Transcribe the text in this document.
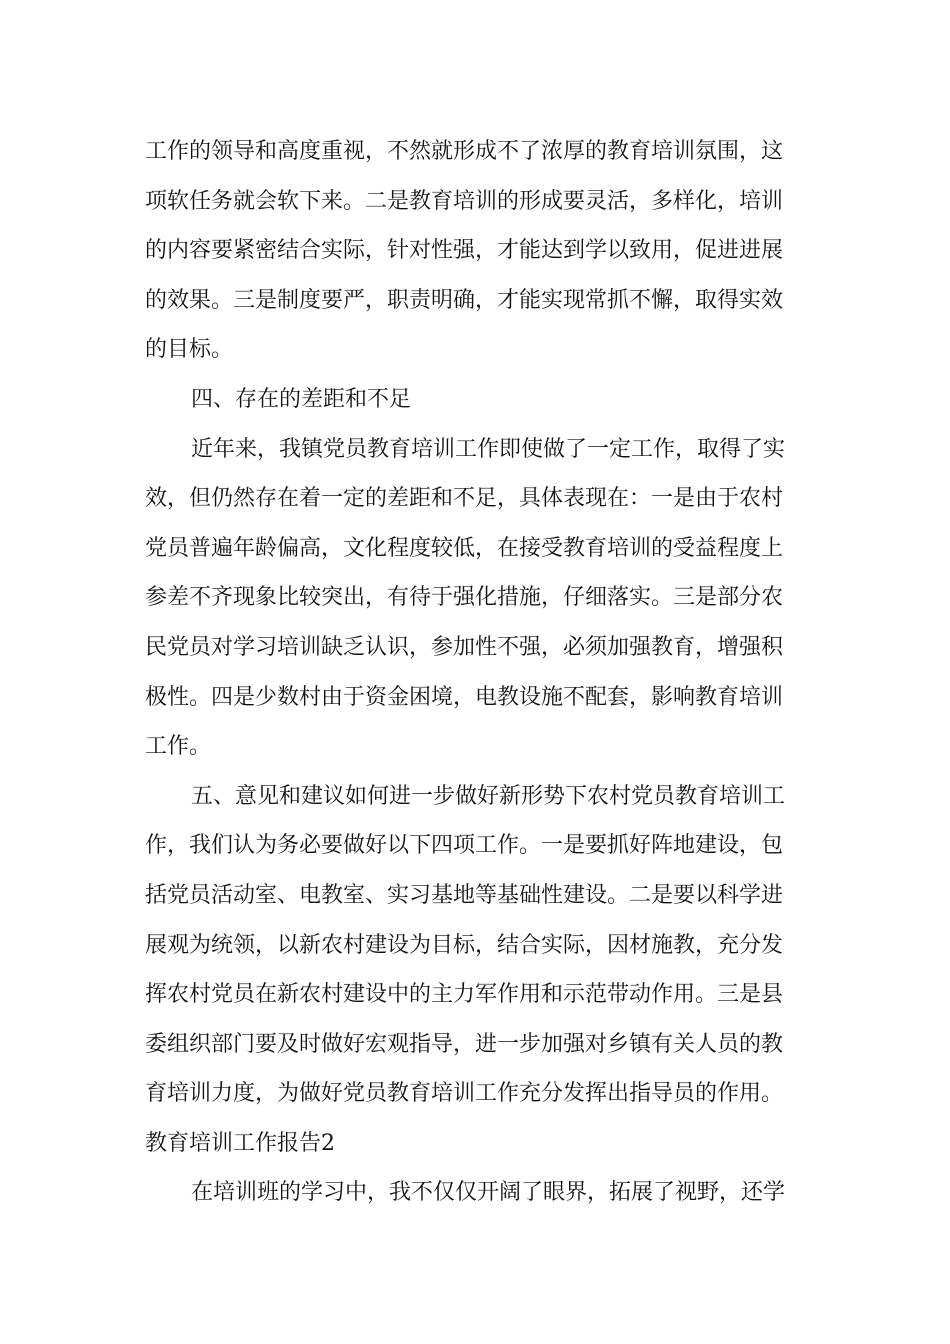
工作的领导和高度重视，不然就形成不了浓厚的教育培训氛围，这
项软任务就会软下来。二是教育培训的形成要灵活，多样化，培训
的内容要紧密结合实际，针对性强，才能达到学以致用，促进进展
的效果。三是制度要严，职责明确，才能实现常抓不懈，取得实效
的目标。
四、存在的差距和不足
近年来，我镇党员教育培训工作即使做了一定工作，取得了实
效，但仍然存在着一定的差距和不足，具体表现在：一是由于农村
党员普遍年龄偏高，文化程度较低，在接受教育培训的受益程度上
参差不齐现象比较突出，有待于强化措施，仔细落实。三是部分农
民党员对学习培训缺乏认识，参加性不强，必须加强教育，增强积
极性。四是少数村由于资金困境，电教设施不配套，影响教育培训
工作。
五、意见和建议如何进一步做好新形势下农村党员教育培训工
作，我们认为务必要做好以下四项工作。一是要抓好阵地建设，包
括党员活动室、电教室、实习基地等基础性建设。二是要以科学进
展观为统领，以新农村建设为目标，结合实际，因材施教，充分发
挥农村党员在新农村建设中的主力军作用和示范带动作用。三是县
委组织部门要及时做好宏观指导，进一步加强对乡镇有关人员的教
育培训力度，为做好党员教育培训工作充分发挥出指导员的作用。
教育培训工作报告2
在培训班的学习中，我不仅仅开阔了眼界，拓展了视野，还学
